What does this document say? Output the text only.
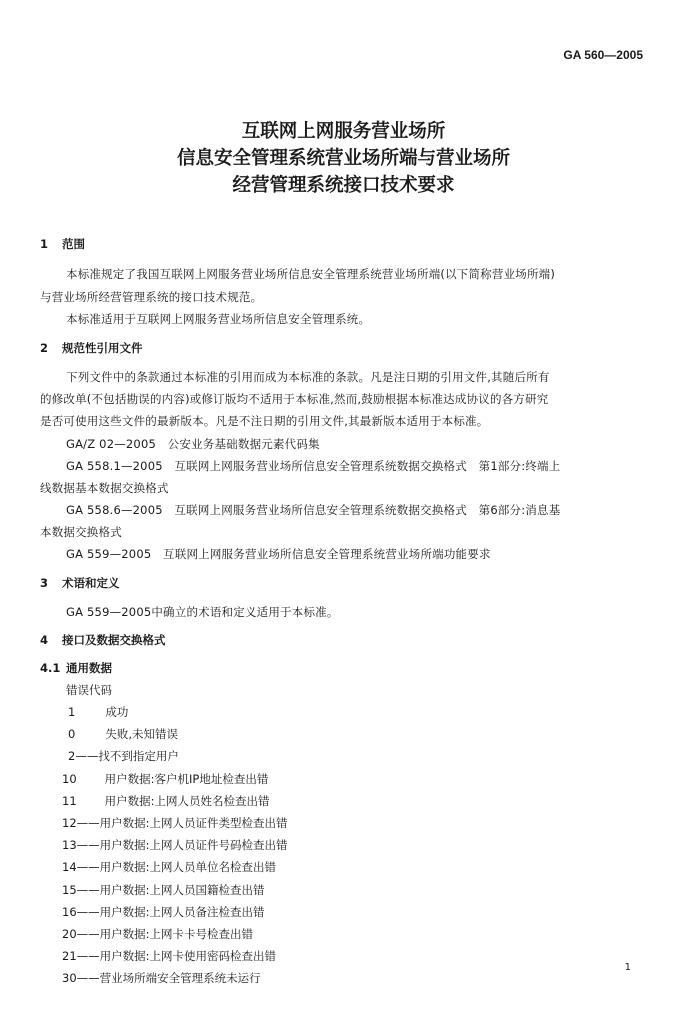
GA 560—2005
互联网上网服务营业场所
信息安全管理系统营业场所端与营业场所
经营管理系统接口技术要求
1 范围
本标准规定了我国互联网上网服务营业场所信息安全管理系统营业场所端(以下简称营业场所端)
与营业场所经营管理系统的接口技术规范。
本标准适用于互联网上网服务营业场所信息安全管理系统。
2 规范性引用文件
下列文件中的条款通过本标准的引用而成为本标准的条款。凡是注日期的引用文件,其随后所有
的修改单(不包括勘误的内容)或修订版均不适用于本标准,然而,鼓励根据本标准达成协议的各方研究
是否可使用这些文件的最新版本。凡是不注日期的引用文件,其最新版本适用于本标准。
GA/Z 02—2005　公安业务基础数据元素代码集
GA 558.1—2005　互联网上网服务营业场所信息安全管理系统数据交换格式　第1部分:终端上
线数据基本数据交换格式
GA 558.6—2005　互联网上网服务营业场所信息安全管理系统数据交换格式　第6部分:消息基
本数据交换格式
GA 559—2005　互联网上网服务营业场所信息安全管理系统营业场所端功能要求
3 术语和定义
GA 559—2005中确立的术语和定义适用于本标准。
4 接口及数据交换格式
4.1 通用数据
错误代码
1	成功
0	失败,未知错误
2——找不到指定用户
10 用户数据:客户机IP地址检查出错
11 用户数据:上网人员姓名检查出错
12——用户数据:上网人员证件类型检查出错
13——用户数据:上网人员证件号码检查出错
14——用户数据:上网人员单位名检查出错
15——用户数据:上网人员国籍检查出错
16——用户数据:上网人员备注检查出错
20——用户数据:上网卡卡号检查出错
21——用户数据:上网卡使用密码检查出错
30——营业场所端安全管理系统未运行
1
